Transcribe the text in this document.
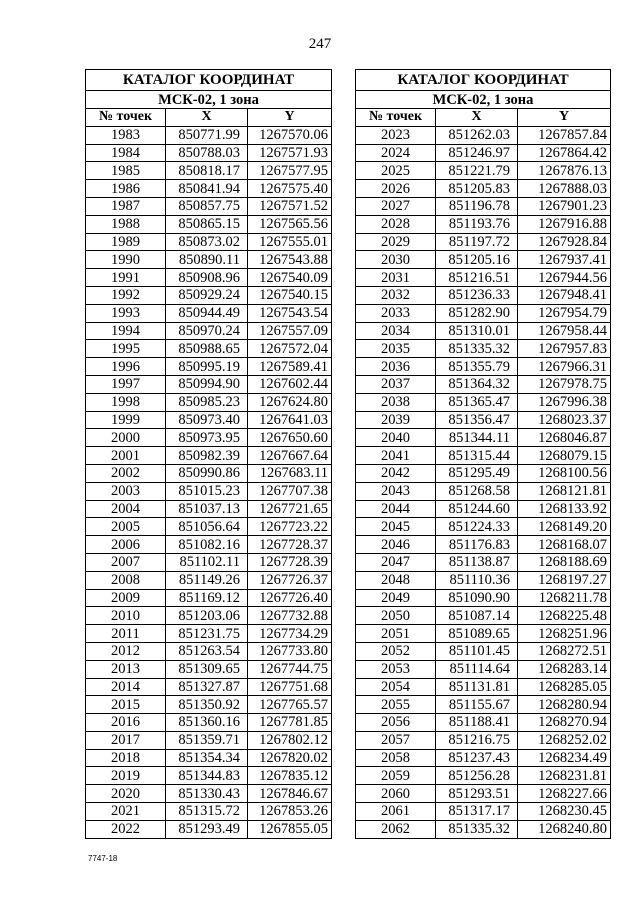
247
КАТАЛОГ КООРДИНАТ		
МСК-02, 1 зона		
№ точек	X	Y
1983	850771.99	1267570.06
1984	850788.03	1267571.93
1985	850818.17	1267577.95
1986	850841.94	1267575.40
1987	850857.75	1267571.52
1988	850865.15	1267565.56
1989	850873.02	1267555.01
1990	850890.11	1267543.88
1991	850908.96	1267540.09
1992	850929.24	1267540.15
1993	850944.49	1267543.54
1994	850970.24	1267557.09
1995	850988.65	1267572.04
1996	850995.19	1267589.41
1997	850994.90	1267602.44
1998	850985.23	1267624.80
1999	850973.40	1267641.03
2000	850973.95	1267650.60
2001	850982.39	1267667.64
2002	850990.86	1267683.11
2003	851015.23	1267707.38
2004	851037.13	1267721.65
2005	851056.64	1267723.22
2006	851082.16	1267728.37
2007	851102.11	1267728.39
2008	851149.26	1267726.37
2009	851169.12	1267726.40
2010	851203.06	1267732.88
2011	851231.75	1267734.29
2012	851263.54	1267733.80
2013	851309.65	1267744.75
2014	851327.87	1267751.68
2015	851350.92	1267765.57
2016	851360.16	1267781.85
2017	851359.71	1267802.12
2018	851354.34	1267820.02
2019	851344.83	1267835.12
2020	851330.43	1267846.67
2021	851315.72	1267853.26
2022	851293.49	1267855.05
КАТАЛОГ КООРДИНАТ		
МСК-02, 1 зона		
№ точек	X	Y
2023	851262.03	1267857.84
2024	851246.97	1267864.42
2025	851221.79	1267876.13
2026	851205.83	1267888.03
2027	851196.78	1267901.23
2028	851193.76	1267916.88
2029	851197.72	1267928.84
2030	851205.16	1267937.41
2031	851216.51	1267944.56
2032	851236.33	1267948.41
2033	851282.90	1267954.79
2034	851310.01	1267958.44
2035	851335.32	1267957.83
2036	851355.79	1267966.31
2037	851364.32	1267978.75
2038	851365.47	1267996.38
2039	851356.47	1268023.37
2040	851344.11	1268046.87
2041	851315.44	1268079.15
2042	851295.49	1268100.56
2043	851268.58	1268121.81
2044	851244.60	1268133.92
2045	851224.33	1268149.20
2046	851176.83	1268168.07
2047	851138.87	1268188.69
2048	851110.36	1268197.27
2049	851090.90	1268211.78
2050	851087.14	1268225.48
2051	851089.65	1268251.96
2052	851101.45	1268272.51
2053	851114.64	1268283.14
2054	851131.81	1268285.05
2055	851155.67	1268280.94
2056	851188.41	1268270.94
2057	851216.75	1268252.02
2058	851237.43	1268234.49
2059	851256.28	1268231.81
2060	851293.51	1268227.66
2061	851317.17	1268230.45
2062	851335.32	1268240.80
7747-18
